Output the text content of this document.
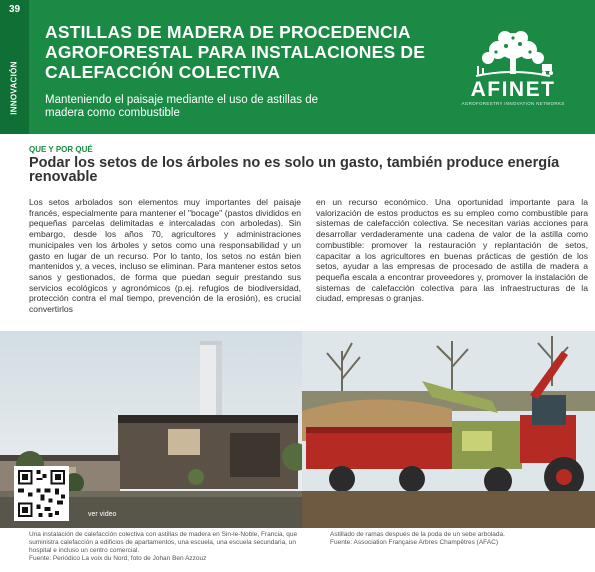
39
INNOVACIÓN
ASTILLAS DE MADERA DE PROCEDENCIA AGROFORESTAL PARA INSTALACIONES DE CALEFACCIÓN COLECTIVA
Manteniendo el paisaje mediante el uso de astillas de madera como combustible
AFINET
AGROFORESTRY INNOVATION NETWORKS
QUE Y POR QUÉ
Podar los setos de los árboles no es solo un gasto, también produce energía renovable
Los setos arbolados son elementos muy importantes del paisaje francés, especialmente para mantener el "bocage" (pastos divididos en pequeñas parcelas delimitadas e intercaladas con arboledas). Sin embargo, desde los años 70, agricultores y administraciones municipales ven los árboles y setos como una responsabilidad y un gasto en lugar de un recurso. Por lo tanto, los setos no están bien mantenidos y, a veces, incluso se eliminan. Para mantener estos setos sanos y gestionados, de forma que puedan seguir prestando sus servicios ecológicos y agronómicos (p.ej. refugios de biodiversidad, protección contra el mal tiempo, prevención de la erosión), es crucial convertirlos
en un recurso económico. Una oportunidad importante para la valorización de estos productos es su empleo como combustible para sistemas de calefacción colectiva. Se necesitan varias acciones para desarrollar verdaderamente una cadena de valor de la astilla como combustible: promover la restauración y replantación de setos, capacitar a los agricultores en buenas prácticas de gestión de los setos, ayudar a las empresas de procesado de astilla de madera a pequeña escala a encontrar proveedores y, promover la instalación de sistemas de calefacción colectiva para las infraestructuras de la ciudad, empresas o granjas.
ver video
Una instalación de calefacción colectiva con astillas de madera en Sin-le-Noble, Francia, que suministra calefacción a edificios de apartamentos, una escuela, una escuela secundaria, un hospital e incluso un centro comercial.
Fuente: Periódico La voix du Nord, foto de Johan Ben Azzouz
Astillado de ramas después de la poda de un sebe arbolada.
Fuente: Association Française Arbres Champêtres (AFAC)
